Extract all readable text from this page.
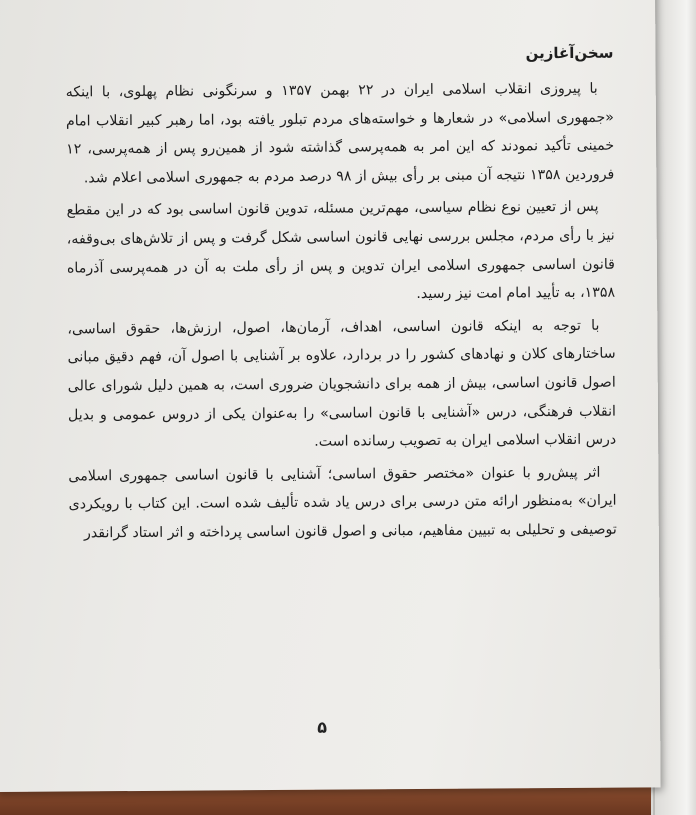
سخن‌آغازین

با پیروزی انقلاب اسلامی ایران در ۲۲ بهمن ۱۳۵۷ و سرنگونی نظام پهلوی، با اینکه «جمهوری اسلامی» در شعارها و خواسته‌های مردم تبلور یافته بود، اما رهبر کبیر انقلاب امام خمینی تأکید نمودند که این امر به همه‌پرسی گذاشته شود از همین‌رو پس از همه‌پرسی، ۱۲ فروردین ۱۳۵۸ نتیجه آن مبنی بر رأی بیش از ۹۸ درصد مردم به جمهوری اسلامی اعلام شد.

پس از تعیین نوع نظام سیاسی، مهم‌ترین مسئله، تدوین قانون اساسی بود که در این مقطع نیز با رأی مردم، مجلس بررسی نهایی قانون اساسی شکل گرفت و پس از تلاش‌های بی‌وقفه، قانون اساسی جمهوری اسلامی ایران تدوین و پس از رأی ملت به آن در همه‌پرسی آذرماه ۱۳۵۸، به تأیید امام امت نیز رسید.

با توجه به اینکه قانون اساسی، اهداف، آرمان‌ها، اصول، ارزش‌ها، حقوق اساسی، ساختارهای کلان و نهادهای کشور را در بردارد، علاوه بر آشنایی با اصول آن، فهم دقیق مبانی اصول قانون اساسی، بیش از همه برای دانشجویان ضروری است، به همین دلیل شورای عالی انقلاب فرهنگی، درس «آشنایی با قانون اساسی» را به‌عنوان یکی از دروس عمومی و بدیل درس انقلاب اسلامی ایران به تصویب رسانده است.

اثر پیش‌رو با عنوان «مختصر حقوق اساسی؛ آشنایی با قانون اساسی جمهوری اسلامی ایران» به‌منظور ارائه متن درسی برای درس یاد شده تألیف شده است. این کتاب با رویکردی توصیفی و تحلیلی به تبیین مفاهیم، مبانی و اصول قانون اساسی پرداخته و اثر استاد گرانقدر

۵
